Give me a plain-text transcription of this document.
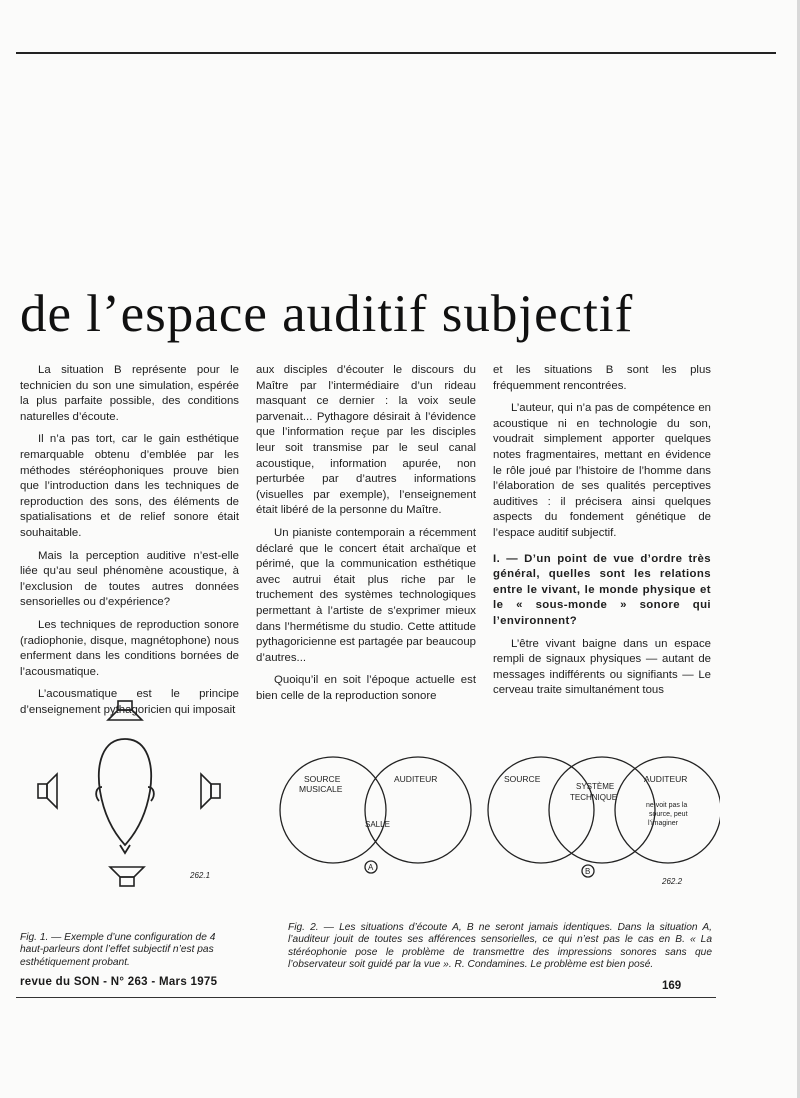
de l’espace auditif subjectif

La situation B représente pour le technicien du son une simulation, espérée la plus parfaite possible, des conditions naturelles d’écoute.

Il n’a pas tort, car le gain esthétique remarquable obtenu d’emblée par les méthodes stéréophoniques prouve bien que l’introduction dans les techniques de reproduction des sons, des éléments de spatialisations et de relief sonore était souhaitable.

Mais la perception auditive n’est-elle liée qu’au seul phénomène acoustique, à l’exclusion de toutes autres données sensorielles ou d’expérience?

Les techniques de reproduction sonore (radiophonie, disque, magnétophone) nous enferment dans les conditions bornées de l’acousmatique.

L’acousmatique est le principe d’enseignement pythagoricien qui imposait

aux disciples d’écouter le discours du Maître par l’intermédiaire d’un rideau masquant ce dernier : la voix seule parvenait... Pythagore désirait à l’évidence que l’information reçue par les disciples leur soit transmise par le seul canal acoustique, information apurée, non perturbée par d’autres informations (visuelles par exemple), l’enseignement était libéré de la personne du Maître.

Un pianiste contemporain a récemment déclaré que le concert était archaïque et périmé, que la communication esthétique avec autrui était plus riche par le truchement des systèmes technologiques permettant à l’artiste de s’exprimer mieux dans l’hermétisme du studio. Cette attitude pythagoricienne est partagée par beaucoup d’autres...

Quoiqu’il en soit l’époque actuelle est bien celle de la reproduction sonore

et les situations B sont les plus fréquemment rencontrées.

L’auteur, qui n’a pas de compétence en acoustique ni en technologie du son, voudrait simplement apporter quelques notes fragmentaires, mettant en évidence le rôle joué par l’histoire de l’homme dans l’élaboration de ses qualités perceptives auditives : il précisera ainsi quelques aspects du fondement génétique de l’espace auditif subjectif.

I. — D’un point de vue d’ordre très général, quelles sont les relations entre le vivant, le monde physique et le « sous-monde » sonore qui l’environnent?

L’être vivant baigne dans un espace rempli de signaux physiques — autant de messages indifférents ou signifiants — Le cerveau traite simultanément tous

262.1
SOURCE
MUSICALE
AUDITEUR
SALLE
A
SOURCE
SYSTÈME
TECHNIQUE
AUDITEUR
ne voit pas la
source, peut
l’imaginer
B
262.2
Fig. 1. — Exemple d’une configuration de 4 haut-parleurs dont l’effet subjectif n’est pas esthétiquement probant.
Fig. 2. — Les situations d’écoute A, B ne seront jamais identiques. Dans la situation A, l’auditeur jouit de toutes ses afférences sensorielles, ce qui n’est pas le cas en B. « La stéréophonie pose le problème de transmettre des impressions sonores sans que l’observateur soit guidé par la vue ». R. Condamines. Le problème est bien posé.
revue du SON - N° 263 - Mars 1975	169
